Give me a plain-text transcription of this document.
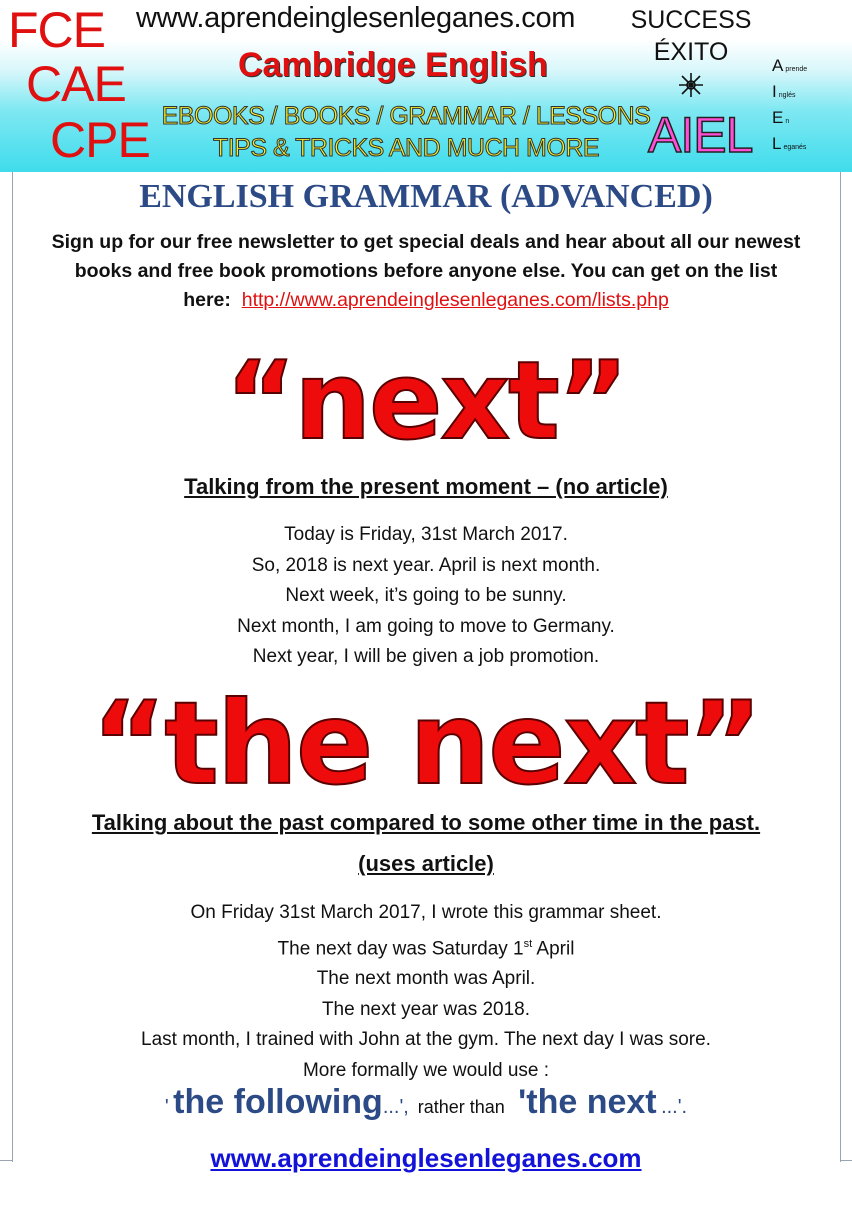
FCE
CAE
CPE
www.aprendeinglesenleganes.com
Cambridge English
EBOOKS / BOOKS / GRAMMAR / LESSONS
TIPS & TRICKS AND MUCH MORE
SUCCESS
ÉXITO
AIEL
Aprende
Inglés
En
Leganés
ENGLISH GRAMMAR (ADVANCED)
Sign up for our free newsletter to get special deals and hear about all our newest
books and free book promotions before anyone else. You can get on the list
here: http://www.aprendeinglesenleganes.com/lists.php
“next”
Talking from the present moment – (no article)
Today is Friday, 31st March 2017.
So, 2018 is next year. April is next month.
Next week, it’s going to be sunny.
Next month, I am going to move to Germany.
Next year, I will be given a job promotion.
“the next”
Talking about the past compared to some other time in the past.
(uses article)
On Friday 31st March 2017, I wrote this grammar sheet.
The next day was Saturday 1st April
The next month was April.
The next year was 2018.
Last month, I trained with John at the gym. The next day I was sore.
More formally we would use :
' the following...', rather than 'the next ...'.
www.aprendeinglesenleganes.com
